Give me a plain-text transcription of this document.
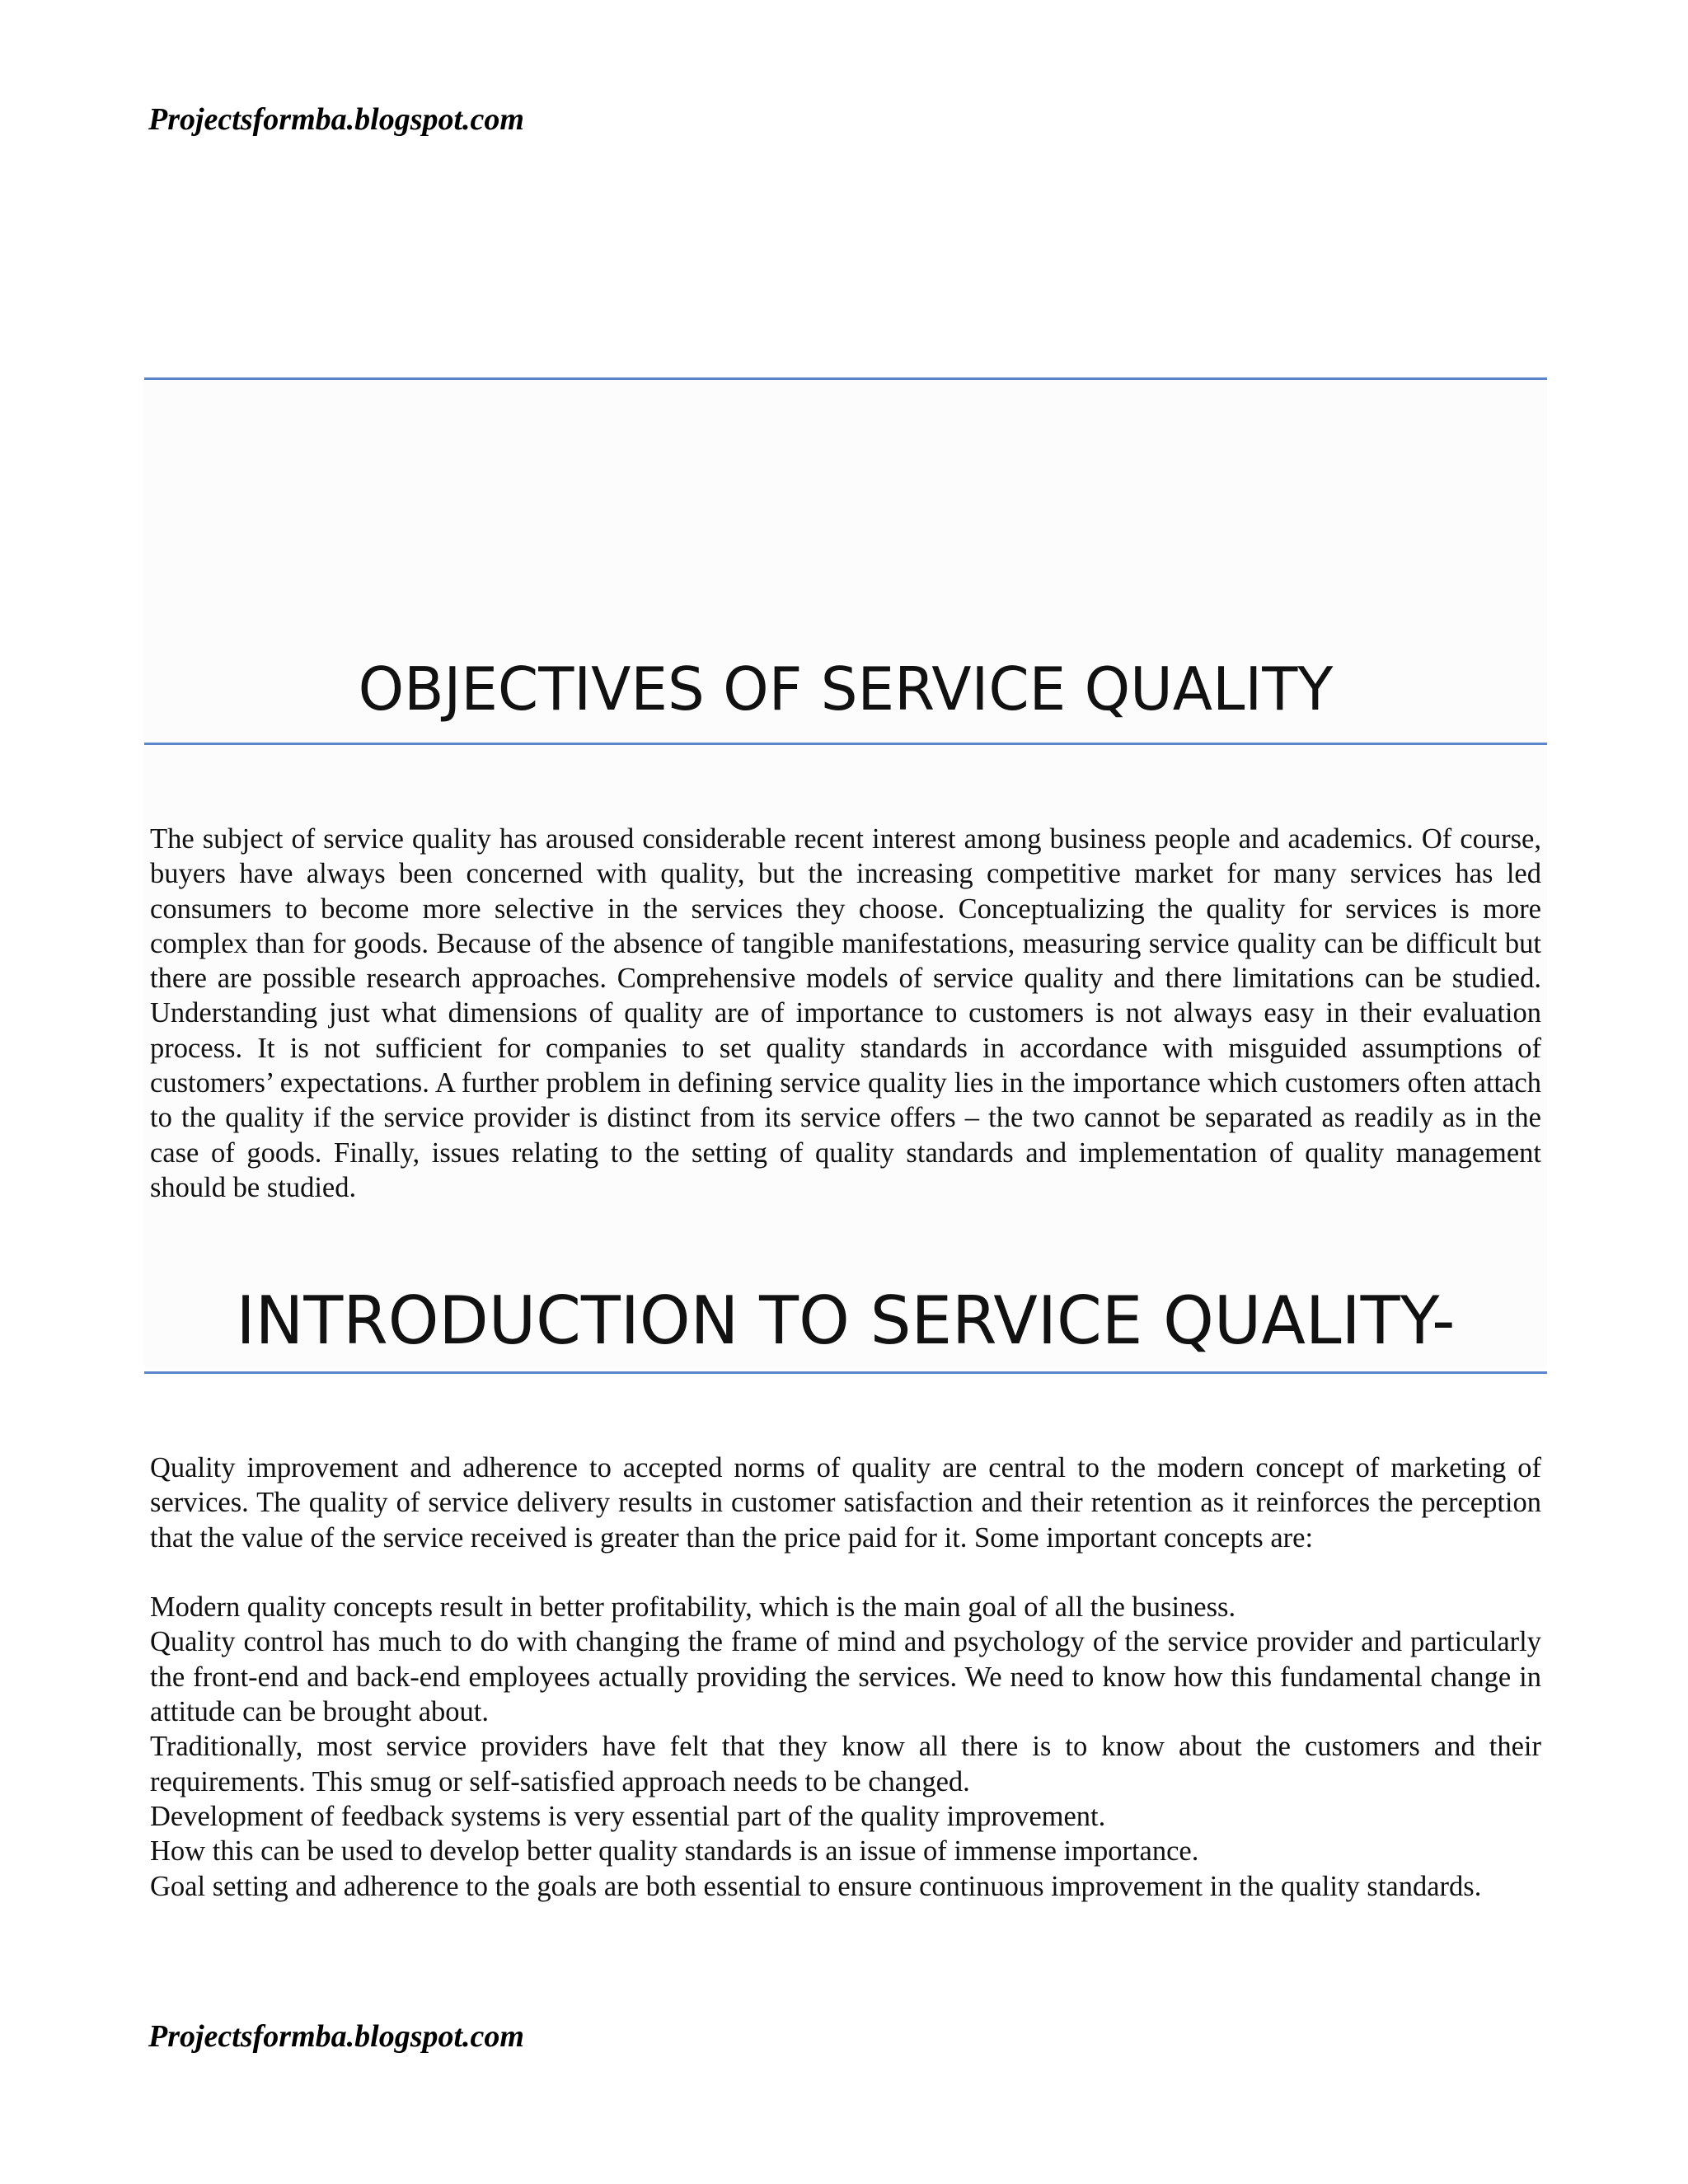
Projectsformba.blogspot.com
OBJECTIVES OF SERVICE QUALITY

The subject of service quality has aroused considerable recent interest among business people and academics. Of course, buyers have always been concerned with quality, but the increasing competitive market for many services has led consumers to become more selective in the services they choose. Conceptualizing the quality for services is more complex than for goods. Because of the absence of tangible manifestations, measuring service quality can be difficult but there are possible research approaches. Comprehensive models of service quality and there limitations can be studied. Understanding just what dimensions of quality are of importance to customers is not always easy in their evaluation process. It is not sufficient for companies to set quality standards in accordance with misguided assumptions of customers’ expectations. A further problem in defining service quality lies in the importance which customers often attach to the quality if the service provider is distinct from its service offers – the two cannot be separated as readily as in the case of goods. Finally, issues relating to the setting of quality standards and implementation of quality management should be studied.

INTRODUCTION TO SERVICE QUALITY-

Quality improvement and adherence to accepted norms of quality are central to the modern concept of marketing of services. The quality of service delivery results in customer satisfaction and their retention as it reinforces the perception that the value of the service received is greater than the price paid for it. Some important concepts are:

Modern quality concepts result in better profitability, which is the main goal of all the business.

Quality control has much to do with changing the frame of mind and psychology of the service provider and particularly the front-end and back-end employees actually providing the services. We need to know how this fundamental change in attitude can be brought about.

Traditionally, most service providers have felt that they know all there is to know about the customers and their requirements. This smug or self-satisfied approach needs to be changed.

Development of feedback systems is very essential part of the quality improvement.

How this can be used to develop better quality standards is an issue of immense importance.

Goal setting and adherence to the goals are both essential to ensure continuous improvement in the quality standards.

Projectsformba.blogspot.com
